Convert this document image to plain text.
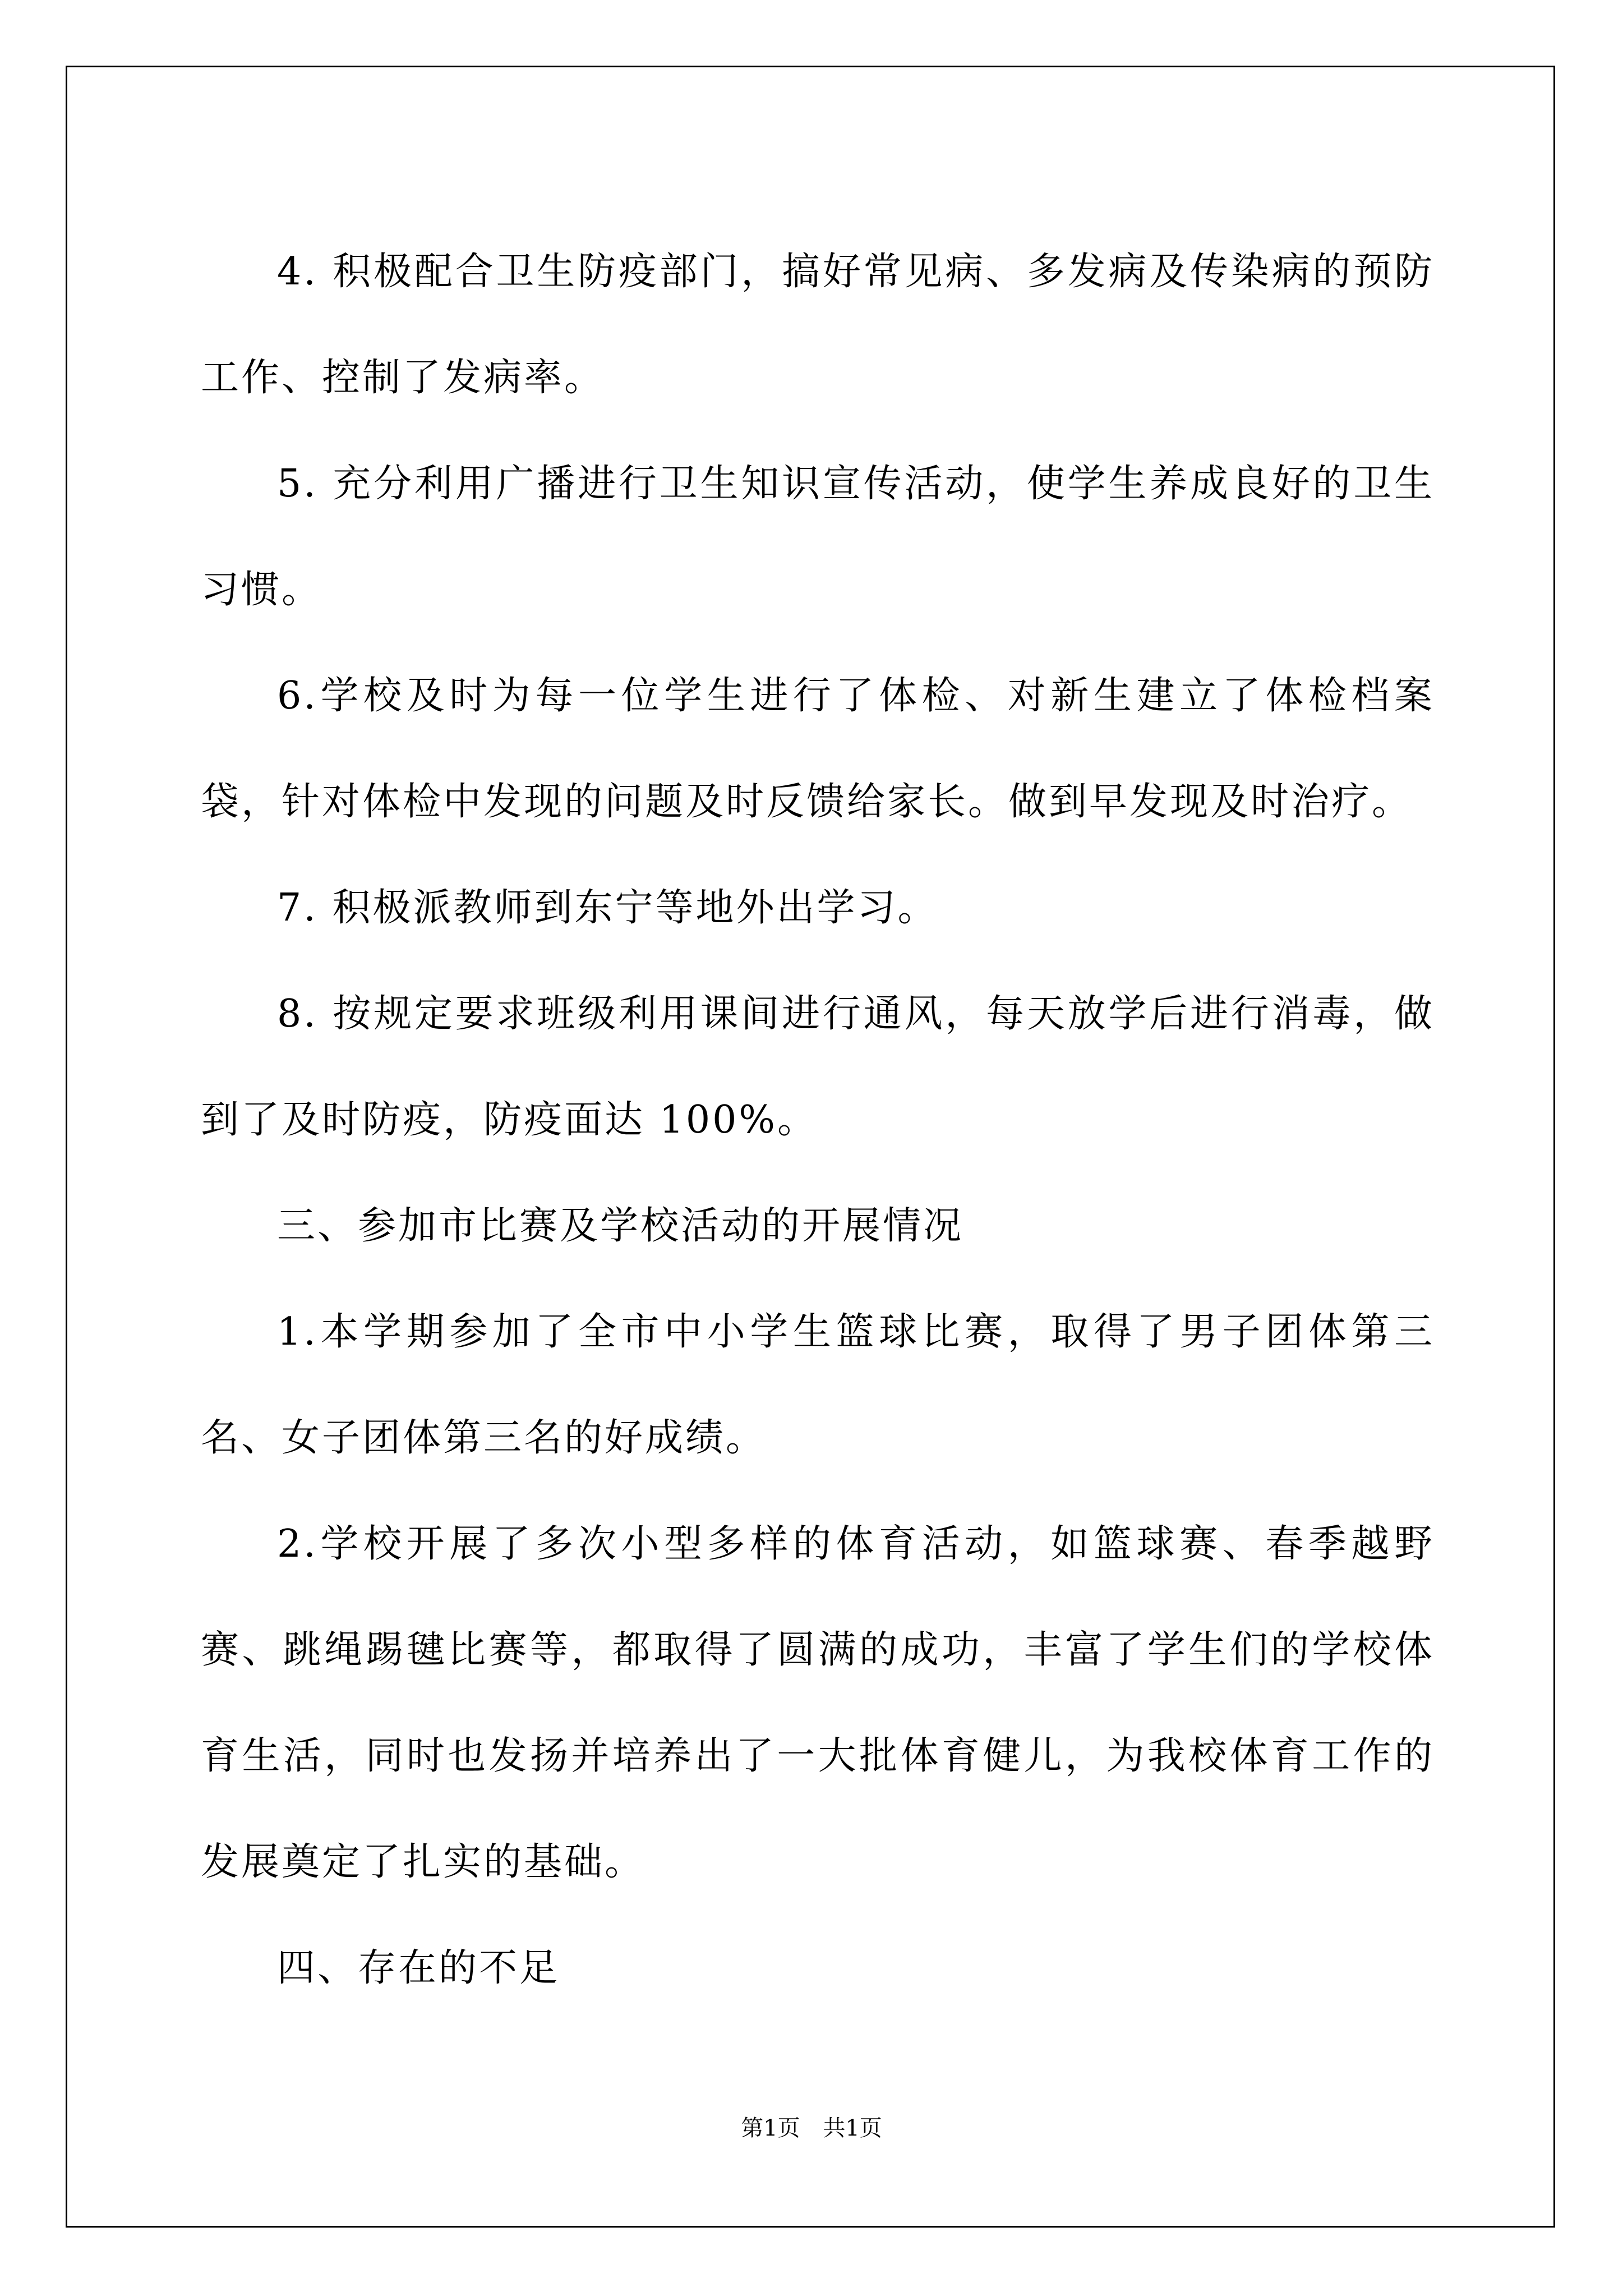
4. 积极配合卫生防疫部门，搞好常见病、多发病及传染病的预防工作、控制了发病率。

5. 充分利用广播进行卫生知识宣传活动，使学生养成良好的卫生习惯。

6.学校及时为每一位学生进行了体检、对新生建立了体检档案袋，针对体检中发现的问题及时反馈给家长。做到早发现及时治疗。

7. 积极派教师到东宁等地外出学习。

8. 按规定要求班级利用课间进行通风，每天放学后进行消毒，做到了及时防疫，防疫面达 100%。

三、参加市比赛及学校活动的开展情况

1.本学期参加了全市中小学生篮球比赛，取得了男子团体第三名、女子团体第三名的好成绩。

2.学校开展了多次小型多样的体育活动，如篮球赛、春季越野赛、跳绳踢毽比赛等，都取得了圆满的成功，丰富了学生们的学校体育生活，同时也发扬并培养出了一大批体育健儿，为我校体育工作的发展奠定了扎实的基础。

四、存在的不足

第1页 共1页
